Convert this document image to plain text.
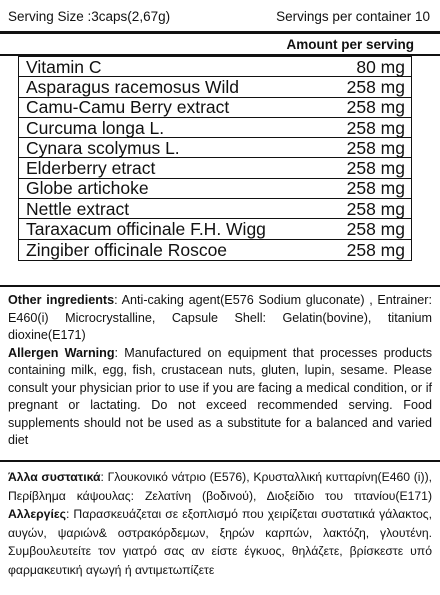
Serving Size :3caps(2,67g)	Servings per container 10
Amount per serving
Vitamin C	80 mg
Asparagus racemosus Wild	258 mg
Camu-Camu Berry extract	258 mg
Curcuma longa L.	258 mg
Cynara scolymus L.	258 mg
Elderberry etract	258 mg
Globe artichoke	258 mg
Nettle extract	258 mg
Taraxacum officinale F.H. Wigg	258 mg
Zingiber officinale Roscoe	258 mg

Other ingredients: Anti-caking agent(E576 Sodium gluconate) , Entrainer: E460(i) Microcrystalline, Capsule Shell: Gelatin(bovine), titanium dioxine(E171)

Allergen Warning: Manufactured on equipment that processes products containing milk, egg, fish, crustacean nuts, gluten, lupin, sesame. Please consult your physician prior to use if you are facing a medical condition, or if pregnant or lactating. Do not exceed recommended serving. Food supplements should not be used as a substitute for a balanced and varied diet

Άλλα συστατικά: Γλουκονικό νάτριο (E576), Κρυσταλλική κυτταρίνη(E460 (i)), Περίβλημα κάψουλας: Ζελατίνη (βοδινού), Διοξείδιο του τιτανίου(E171) Αλλεργίες: Παρασκευάζεται σε εξοπλισμό που χειρίζεται συστατικά γάλακτος, αυγών, ψαριών& οστρακόρδεμων, ξηρών καρπών, λακτόζη, γλουτένη. Συμβουλευτείτε τον γιατρό σας αν είστε έγκυος, θηλάζετε, βρίσκεστε υπό φαρμακευτική αγωγή ή αντιμετωπίζετε
